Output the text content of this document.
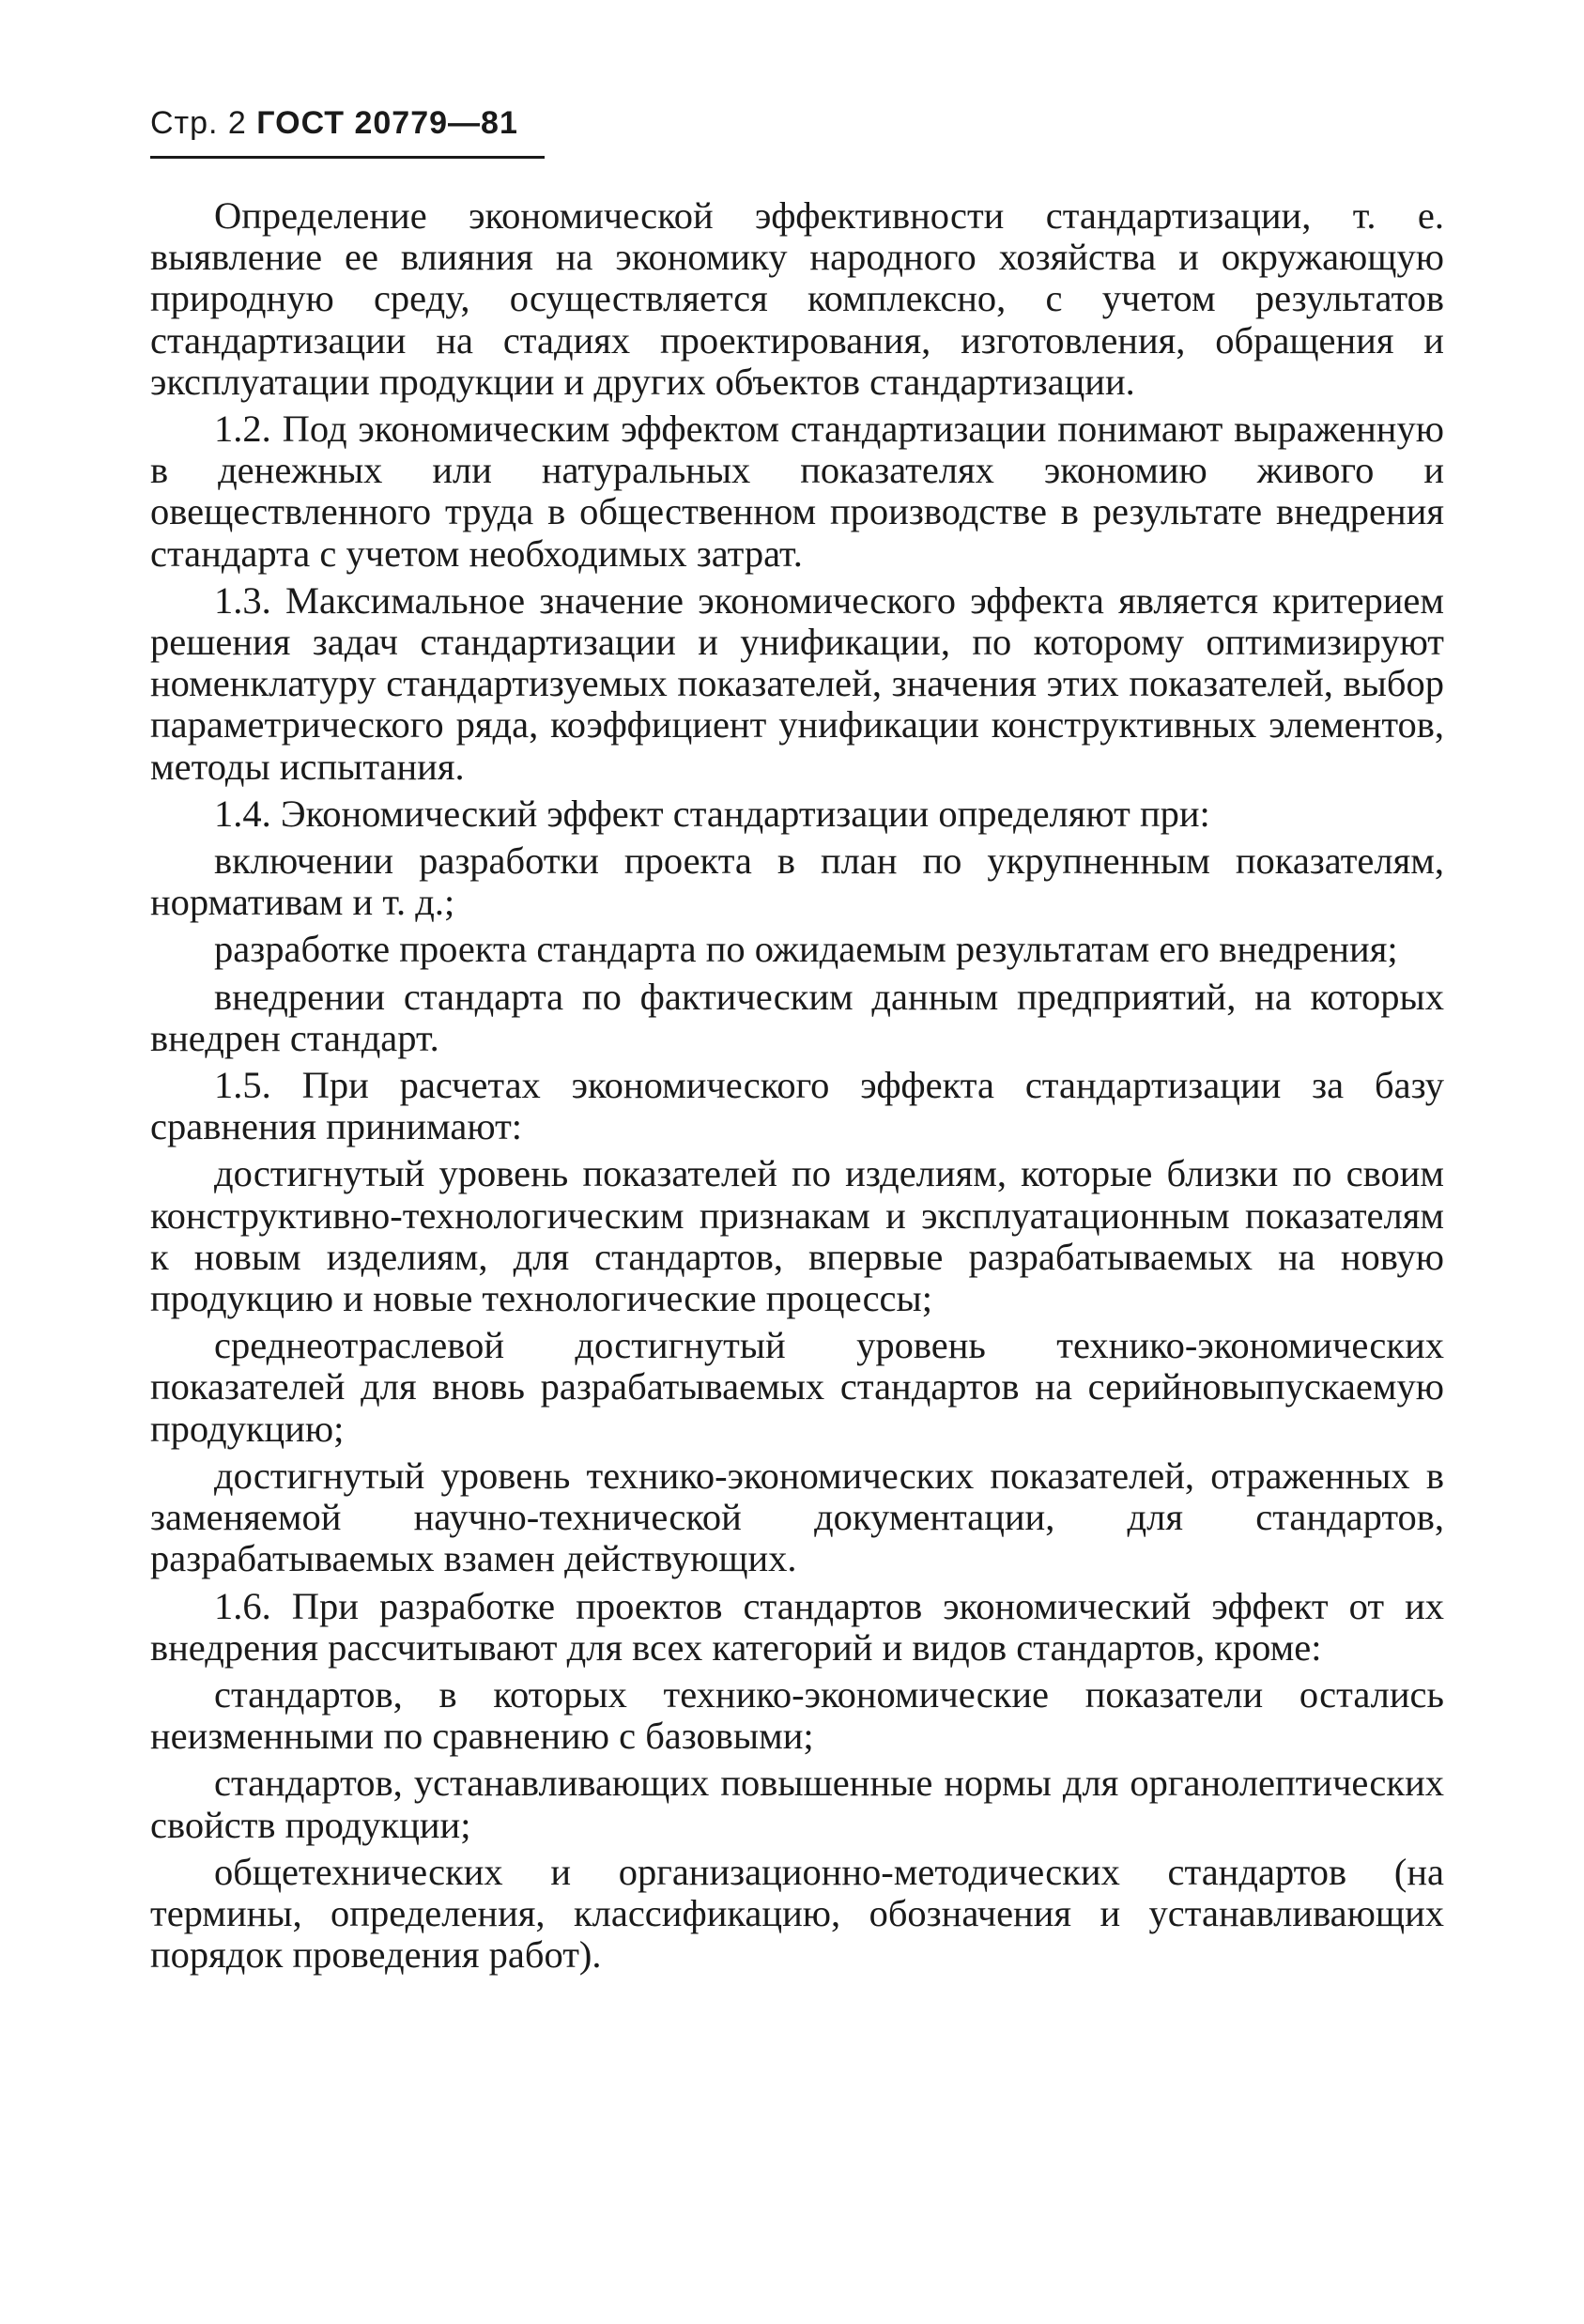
Стр. 2 ГОСТ 20779—81

Определение экономической эффективности стандартизации, т. е. выявление ее влияния на экономику народного хозяйства и окружающую природную среду, осуществляется комплексно, с учетом результатов стандартизации на стадиях проектирования, изготовления, обращения и эксплуатации продукции и других объектов стандартизации.

1.2. Под экономическим эффектом стандартизации понимают выраженную в денежных или натуральных показателях экономию живого и овеществленного труда в общественном производстве в результате внедрения стандарта с учетом необходимых затрат.

1.3. Максимальное значение экономического эффекта является критерием решения задач стандартизации и унификации, по которому оптимизируют номенклатуру стандартизуемых показателей, значения этих показателей, выбор параметрического ряда, коэффициент унификации конструктивных элементов, методы испытания.

1.4. Экономический эффект стандартизации определяют при:

включении разработки проекта в план по укрупненным показателям, нормативам и т. д.;

разработке проекта стандарта по ожидаемым результатам его внедрения;

внедрении стандарта по фактическим данным предприятий, на которых внедрен стандарт.

1.5. При расчетах экономического эффекта стандартизации за базу сравнения принимают:

достигнутый уровень показателей по изделиям, которые близки по своим конструктивно-технологическим признакам и эксплуатационным показателям к новым изделиям, для стандартов, впервые разрабатываемых на новую продукцию и новые технологические процессы;

среднеотраслевой достигнутый уровень технико-экономических показателей для вновь разрабатываемых стандартов на серийновыпускаемую продукцию;

достигнутый уровень технико-экономических показателей, отраженных в заменяемой научно-технической документации, для стандартов, разрабатываемых взамен действующих.

1.6. При разработке проектов стандартов экономический эффект от их внедрения рассчитывают для всех категорий и видов стандартов, кроме:

стандартов, в которых технико-экономические показатели остались неизменными по сравнению с базовыми;

стандартов, устанавливающих повышенные нормы для органолептических свойств продукции;

общетехнических и организационно-методических стандартов (на термины, определения, классификацию, обозначения и устанавливающих порядок проведения работ).
